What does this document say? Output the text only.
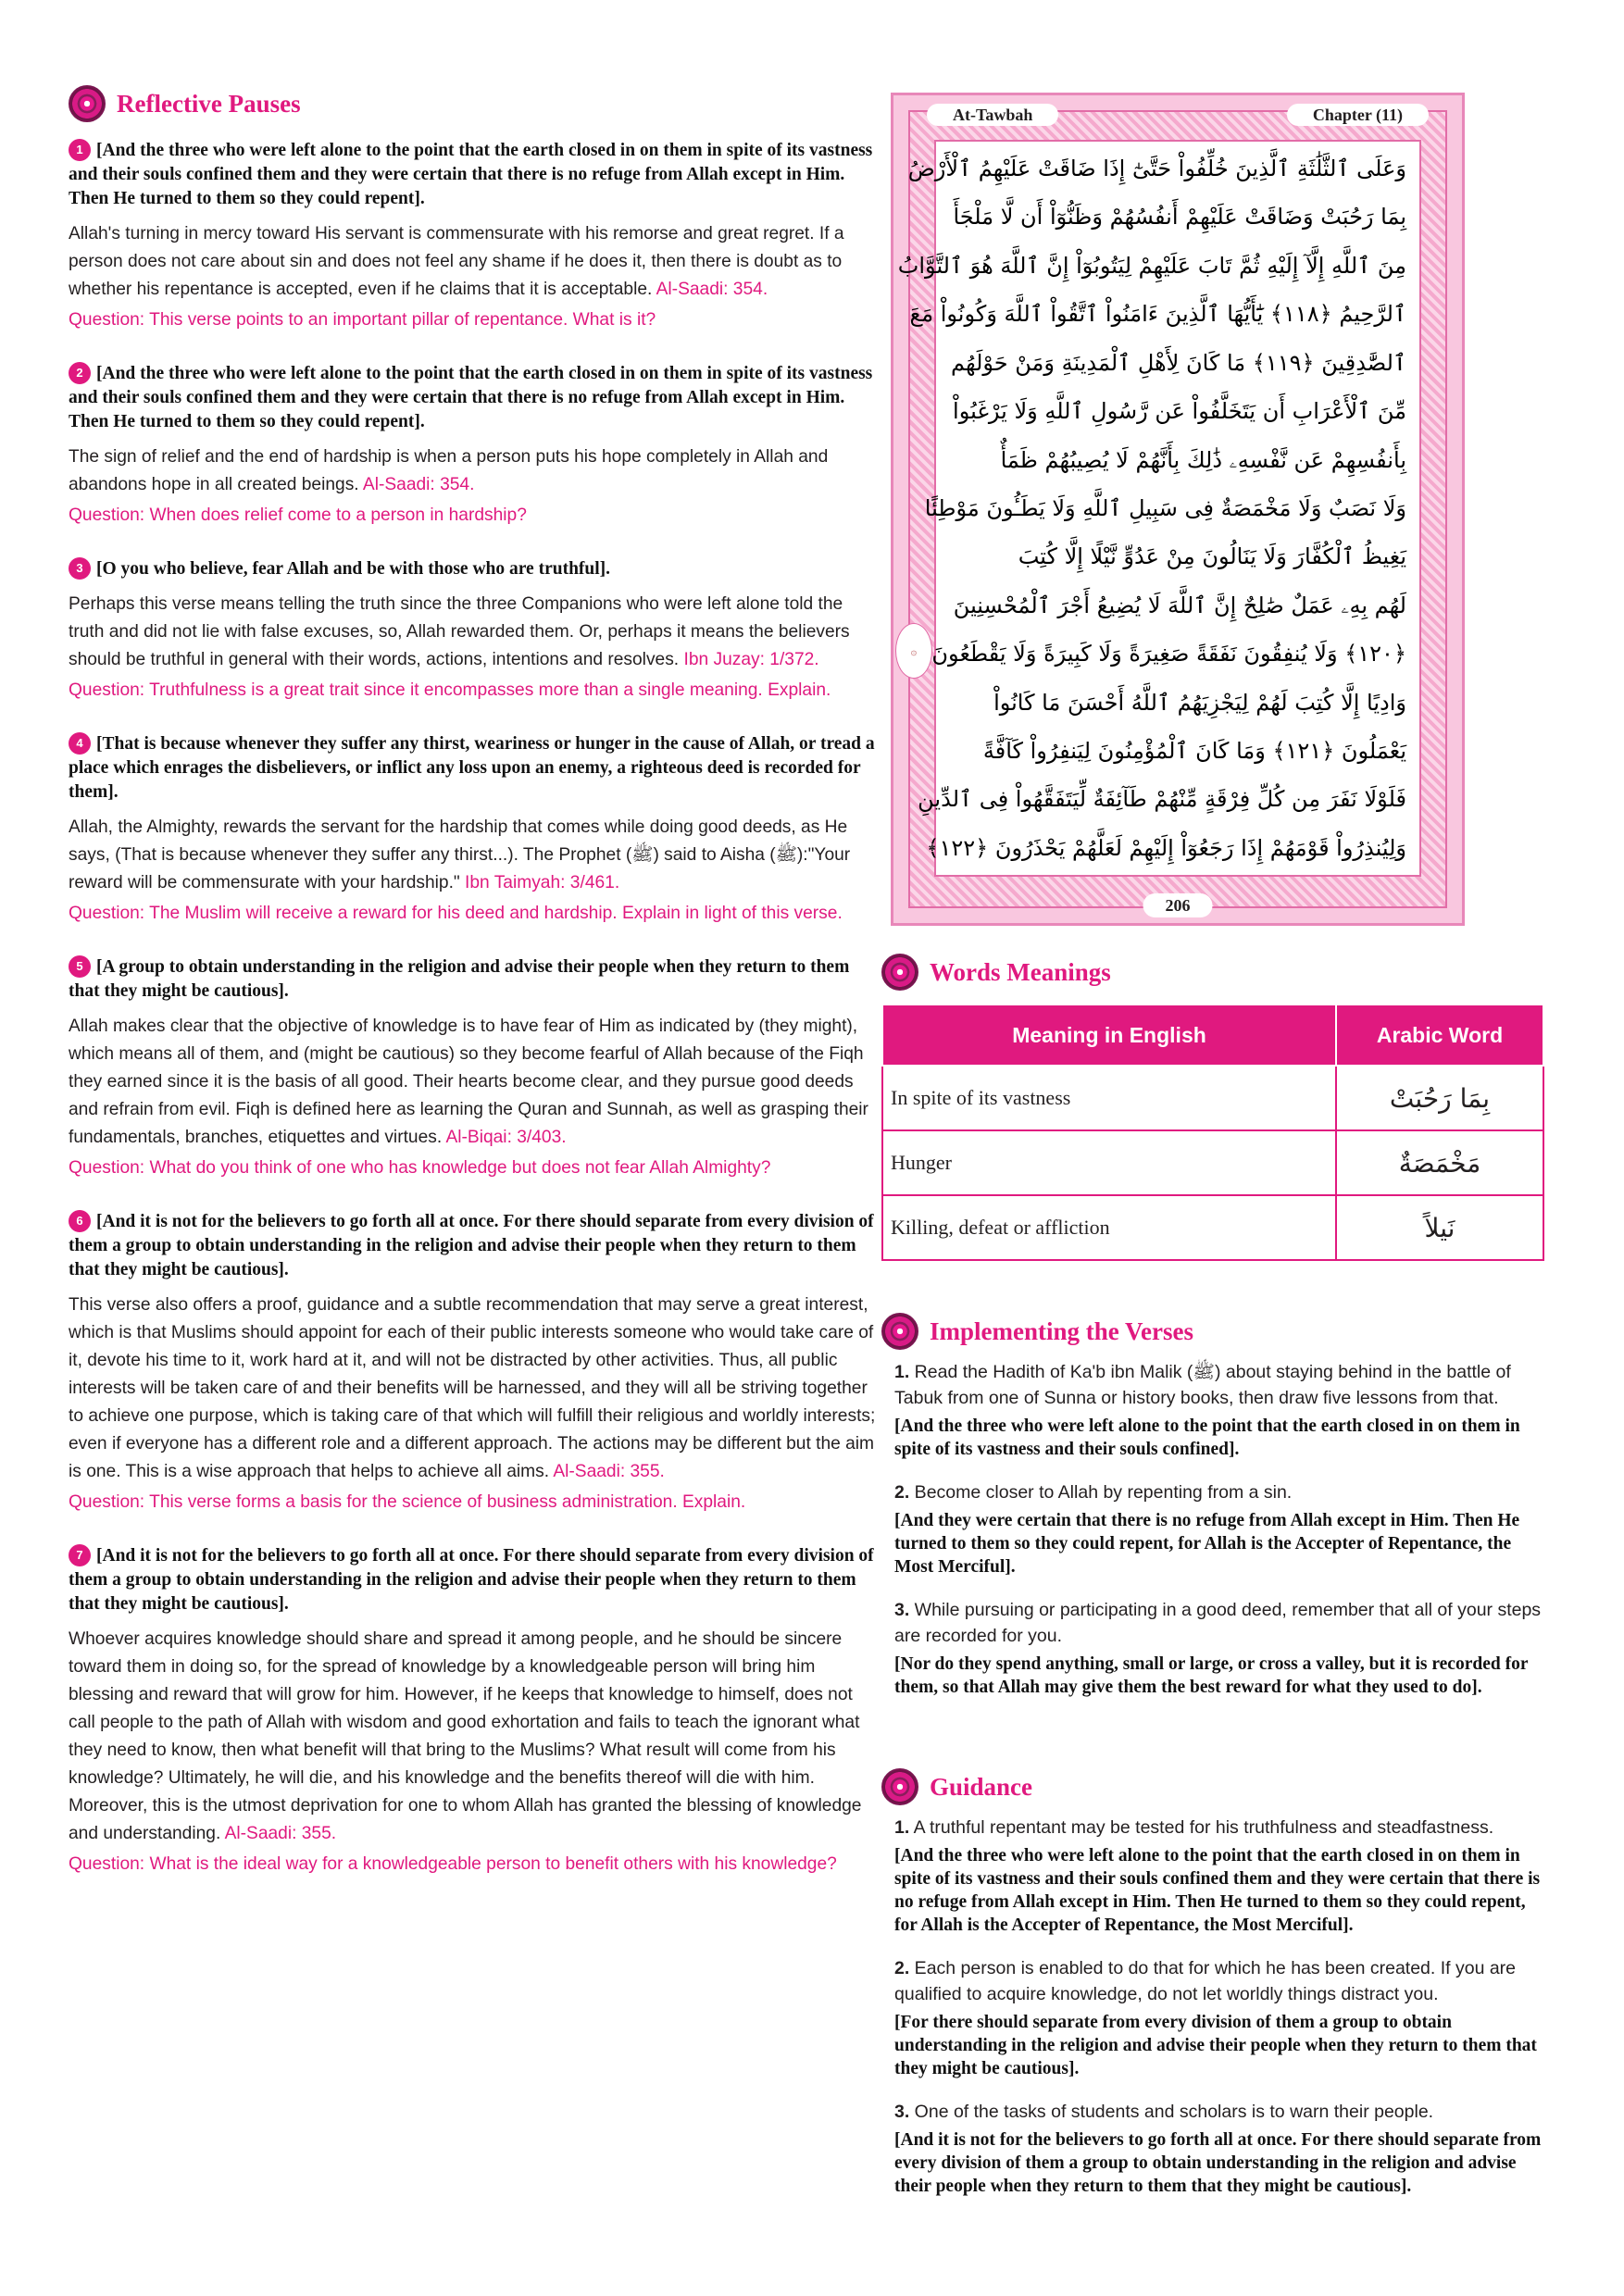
Reflective Pauses
1 [And the three who were left alone to the point that the earth closed in on them in spite of its vastness and their souls confined them and they were certain that there is no refuge from Allah except in Him. Then He turned to them so they could repent].
Allah's turning in mercy toward His servant is commensurate with his remorse and great regret. If a person does not care about sin and does not feel any shame if he does it, then there is doubt as to whether his repentance is accepted, even if he claims that it is acceptable. Al-Saadi: 354.
Question: This verse points to an important pillar of repentance. What is it?
2 [And the three who were left alone to the point that the earth closed in on them in spite of its vastness and their souls confined them and they were certain that there is no refuge from Allah except in Him. Then He turned to them so they could repent].
The sign of relief and the end of hardship is when a person puts his hope completely in Allah and abandons hope in all created beings. Al-Saadi: 354.
Question: When does relief come to a person in hardship?
3 [O you who believe, fear Allah and be with those who are truthful].
Perhaps this verse means telling the truth since the three Companions who were left alone told the truth and did not lie with false excuses, so, Allah rewarded them. Or, perhaps it means the believers should be truthful in general with their words, actions, intentions and resolves. Ibn Juzay: 1/372.
Question: Truthfulness is a great trait since it encompasses more than a single meaning. Explain.
4 [That is because whenever they suffer any thirst, weariness or hunger in the cause of Allah, or tread a place which enrages the disbelievers, or inflict any loss upon an enemy, a righteous deed is recorded for them].
Allah, the Almighty, rewards the servant for the hardship that comes while doing good deeds, as He says, (That is because whenever they suffer any thirst...). The Prophet (ﷺ) said to Aisha (ﷺ):"Your reward will be commensurate with your hardship." Ibn Taimyah: 3/461.
Question: The Muslim will receive a reward for his deed and hardship. Explain in light of this verse.
5 [A group to obtain understanding in the religion and advise their people when they return to them that they might be cautious].
Allah makes clear that the objective of knowledge is to have fear of Him as indicated by (they might), which means all of them, and (might be cautious) so they become fearful of Allah because of the Fiqh they earned since it is the basis of all good. Their hearts become clear, and they pursue good deeds and refrain from evil. Fiqh is defined here as learning the Quran and Sunnah, as well as grasping their fundamentals, branches, etiquettes and virtues. Al-Biqai: 3/403.
Question: What do you think of one who has knowledge but does not fear Allah Almighty?
6 [And it is not for the believers to go forth all at once. For there should separate from every division of them a group to obtain understanding in the religion and advise their people when they return to them that they might be cautious].
This verse also offers a proof, guidance and a subtle recommendation that may serve a great interest, which is that Muslims should appoint for each of their public interests someone who would take care of it, devote his time to it, work hard at it, and will not be distracted by other activities. Thus, all public interests will be taken care of and their benefits will be harnessed, and they will all be striving together to achieve one purpose, which is taking care of that which will fulfill their religious and worldly interests; even if everyone has a different role and a different approach. The actions may be different but the aim is one. This is a wise approach that helps to achieve all aims. Al-Saadi: 355.
Question: This verse forms a basis for the science of business administration. Explain.
7 [And it is not for the believers to go forth all at once. For there should separate from every division of them a group to obtain understanding in the religion and advise their people when they return to them that they might be cautious].
Whoever acquires knowledge should share and spread it among people, and he should be sincere toward them in doing so, for the spread of knowledge by a knowledgeable person will bring him blessing and reward that will grow for him. However, if he keeps that knowledge to himself, does not call people to the path of Allah with wisdom and good exhortation and fails to teach the ignorant what they need to know, then what benefit will that bring to the Muslims? What result will come from his knowledge? Ultimately, he will die, and his knowledge and the benefits thereof will die with him. Moreover, this is the utmost deprivation for one to whom Allah has granted the blessing of knowledge and understanding. Al-Saadi: 355.
Question: What is the ideal way for a knowledgeable person to benefit others with his knowledge?
At-Tawbah	Chapter (11)
۞
وَعَلَى ٱلثَّلَٰثَةِ ٱلَّذِينَ خُلِّفُواْ حَتَّىٰٓ إِذَا ضَاقَتْ عَلَيْهِمُ ٱلْأَرْضُ
بِمَا رَحُبَتْ وَضَاقَتْ عَلَيْهِمْ أَنفُسُهُمْ وَظَنُّوٓاْ أَن لَّا مَلْجَأَ
مِنَ ٱللَّهِ إِلَّآ إِلَيْهِ ثُمَّ تَابَ عَلَيْهِمْ لِيَتُوبُوٓاْ إِنَّ ٱللَّهَ هُوَ ٱلتَّوَّابُ
ٱلرَّحِيمُ ﴿١١٨﴾ يَٰٓأَيُّهَا ٱلَّذِينَ ءَامَنُواْ ٱتَّقُواْ ٱللَّهَ وَكُونُواْ مَعَ
ٱلصَّٰدِقِينَ ﴿١١٩﴾ مَا كَانَ لِأَهْلِ ٱلْمَدِينَةِ وَمَنْ حَوْلَهُم
مِّنَ ٱلْأَعْرَابِ أَن يَتَخَلَّفُواْ عَن رَّسُولِ ٱللَّهِ وَلَا يَرْغَبُواْ
بِأَنفُسِهِمْ عَن نَّفْسِهِۦ ذَٰلِكَ بِأَنَّهُمْ لَا يُصِيبُهُمْ ظَمَأٌ
وَلَا نَصَبٌ وَلَا مَخْمَصَةٌ فِى سَبِيلِ ٱللَّهِ وَلَا يَطَـُٔونَ مَوْطِئًا
يَغِيظُ ٱلْكُفَّارَ وَلَا يَنَالُونَ مِنْ عَدُوٍّ نَّيْلًا إِلَّا كُتِبَ
لَهُم بِهِۦ عَمَلٌ صَٰلِحٌ إِنَّ ٱللَّهَ لَا يُضِيعُ أَجْرَ ٱلْمُحْسِنِينَ
﴿١٢٠﴾ وَلَا يُنفِقُونَ نَفَقَةً صَغِيرَةً وَلَا كَبِيرَةً وَلَا يَقْطَعُونَ
وَادِيًا إِلَّا كُتِبَ لَهُمْ لِيَجْزِيَهُمُ ٱللَّهُ أَحْسَنَ مَا كَانُواْ
يَعْمَلُونَ ﴿١٢١﴾ وَمَا كَانَ ٱلْمُؤْمِنُونَ لِيَنفِرُواْ كَآفَّةً
فَلَوْلَا نَفَرَ مِن كُلِّ فِرْقَةٍ مِّنْهُمْ طَآئِفَةٌ لِّيَتَفَقَّهُواْ فِى ٱلدِّينِ
وَلِيُنذِرُواْ قَوْمَهُمْ إِذَا رَجَعُوٓاْ إِلَيْهِمْ لَعَلَّهُمْ يَحْذَرُونَ ﴿١٢٢﴾
206
Words Meanings
Meaning in English	Arabic Word
In spite of its vastness	بِمَا رَحُبَتْ
Hunger	مَخْمَصَةٌ
Killing, defeat or affliction	نَيلاً
Implementing the Verses
1. Read the Hadith of Ka'b ibn Malik (ﷺ) about staying behind in the battle of Tabuk from one of Sunna or history books, then draw five lessons from that.
[And the three who were left alone to the point that the earth closed in on them in spite of its vastness and their souls confined].
2. Become closer to Allah by repenting from a sin.
[And they were certain that there is no refuge from Allah except in Him. Then He turned to them so they could repent, for Allah is the Accepter of Repentance, the Most Merciful].
3. While pursuing or participating in a good deed, remember that all of your steps are recorded for you.
[Nor do they spend anything, small or large, or cross a valley, but it is recorded for them, so that Allah may give them the best reward for what they used to do].
Guidance
1. A truthful repentant may be tested for his truthfulness and steadfastness.
[And the three who were left alone to the point that the earth closed in on them in spite of its vastness and their souls confined them and they were certain that there is no refuge from Allah except in Him. Then He turned to them so they could repent, for Allah is the Accepter of Repentance, the Most Merciful].
2. Each person is enabled to do that for which he has been created. If you are qualified to acquire knowledge, do not let worldly things distract you.
[For there should separate from every division of them a group to obtain understanding in the religion and advise their people when they return to them that they might be cautious].
3. One of the tasks of students and scholars is to warn their people.
[And it is not for the believers to go forth all at once. For there should separate from every division of them a group to obtain understanding in the religion and advise their people when they return to them that they might be cautious].
